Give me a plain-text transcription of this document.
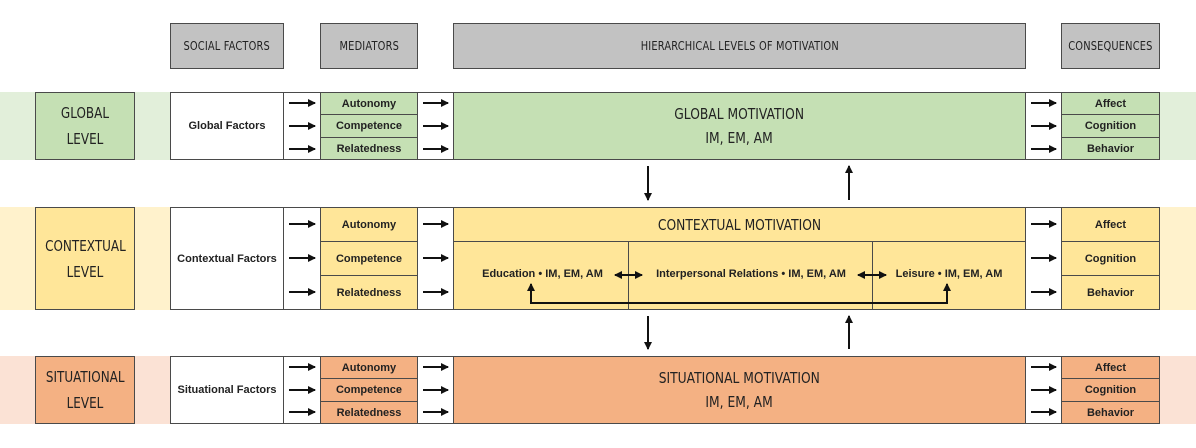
SOCIAL FACTORS	MEDIATORS	HIERARCHICAL LEVELS OF MOTIVATION	CONSEQUENCES
GLOBAL LEVEL
Global Factors
Autonomy
Competence
Relatedness
GLOBAL MOTIVATION
IM, EM, AM
Affect
Cognition
Behavior
CONTEXTUAL
LEVEL
Contextual Factors
Autonomy
Competence
Relatedness
CONTEXTUAL MOTIVATION
Education • IM, EM, AM	Interpersonal Relations • IM, EM, AM	Leisure • IM, EM, AM
Affect
Cognition
Behavior
SITUATIONAL
LEVEL
Situational Factors
Autonomy
Competence
Relatedness
SITUATIONAL MOTIVATION
IM, EM, AM
Affect
Cognition
Behavior
